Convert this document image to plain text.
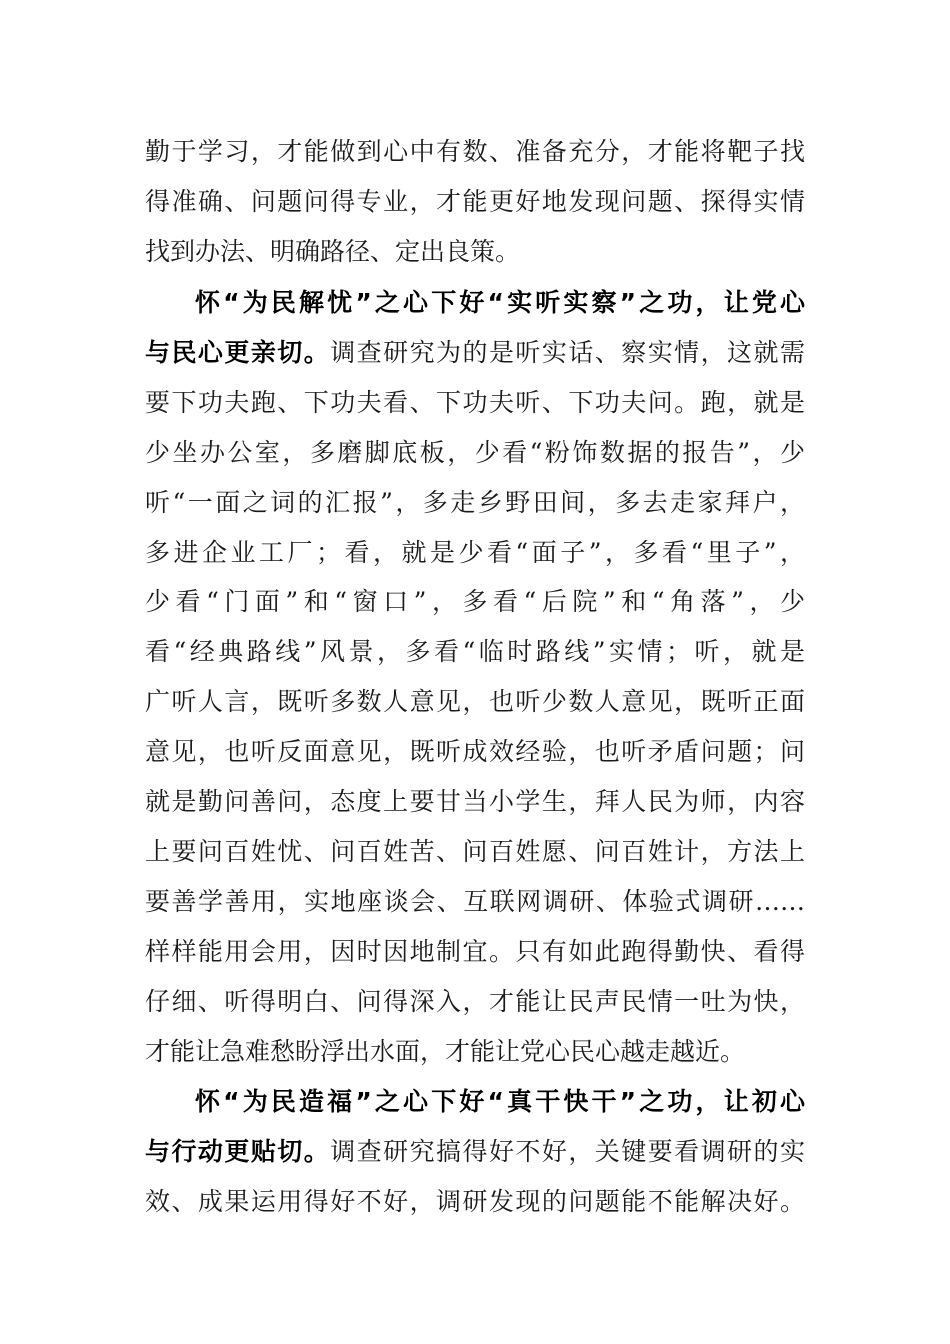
勤于学习，才能做到心中有数、准备充分，才能将靶子找

得准确、问题问得专业，才能更好地发现问题、探得实情

找到办法、明确路径、定出良策。

怀“为民解忧”之心下好“实听实察”之功，让党心

与民心更亲切。调查研究为的是听实话、察实情，这就需

要下功夫跑、下功夫看、下功夫听、下功夫问。跑，就是

少坐办公室，多磨脚底板，少看“粉饰数据的报告”，少

听“一面之词的汇报”，多走乡野田间，多去走家拜户，

多进企业工厂；看，就是少看“面子”，多看“里子”，

少看“门面”和“窗口”，多看“后院”和“角落”，少

看“经典路线”风景，多看“临时路线”实情；听，就是

广听人言，既听多数人意见，也听少数人意见，既听正面

意见，也听反面意见，既听成效经验，也听矛盾问题；问

就是勤问善问，态度上要甘当小学生，拜人民为师，内容

上要问百姓忧、问百姓苦、问百姓愿、问百姓计，方法上

要善学善用，实地座谈会、互联网调研、体验式调研……

样样能用会用，因时因地制宜。只有如此跑得勤快、看得

仔细、听得明白、问得深入，才能让民声民情一吐为快，

才能让急难愁盼浮出水面，才能让党心民心越走越近。

怀“为民造福”之心下好“真干快干”之功，让初心

与行动更贴切。调查研究搞得好不好，关键要看调研的实

效、成果运用得好不好，调研发现的问题能不能解决好。
